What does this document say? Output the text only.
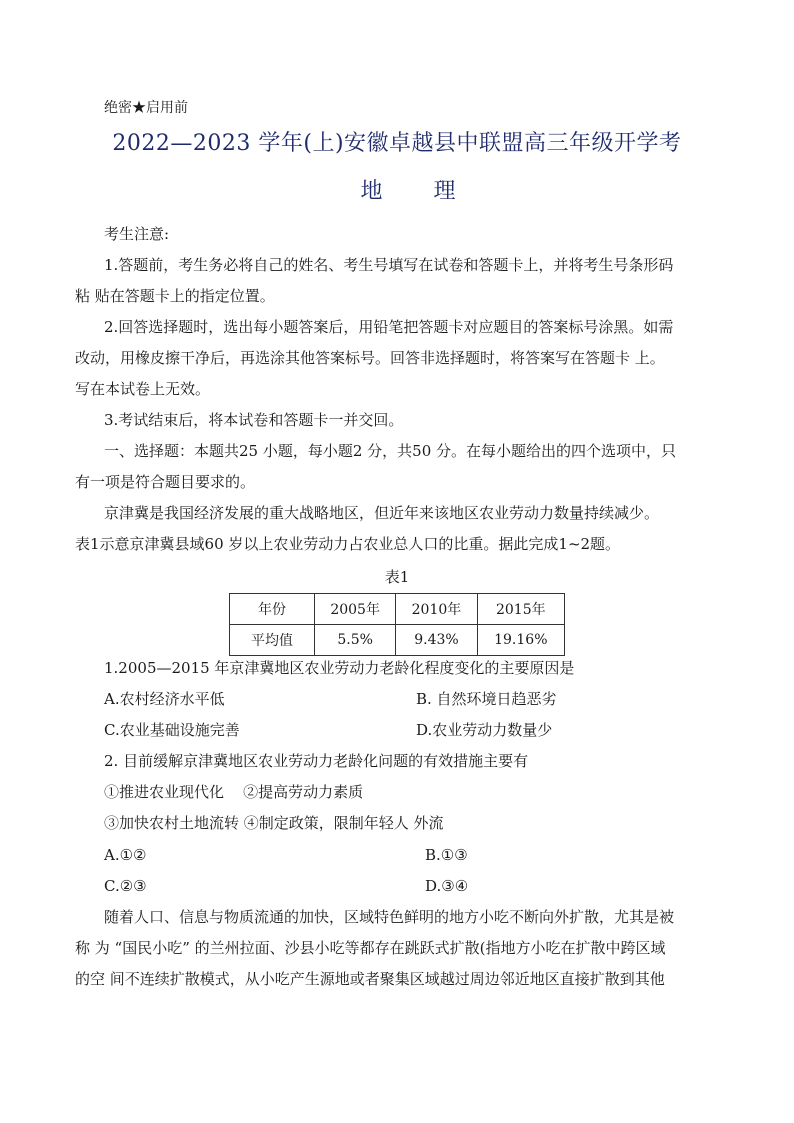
绝密★启用前
2022—2023 学年(上)安徽卓越县中联盟高三年级开学考
地 理
考生注意:
1.答题前，考生务必将自己的姓名、考生号填写在试卷和答题卡上，并将考生号条形码
粘 贴在答题卡上的指定位置。
2.回答选择题时，选出每小题答案后，用铅笔把答题卡对应题目的答案标号涂黑。如需
改动，用橡皮擦干净后，再选涂其他答案标号。回答非选择题时，将答案写在答题卡 上。
写在本试卷上无效。
3.考试结束后，将本试卷和答题卡一并交回。
一、选择题：本题共25 小题，每小题2 分，共50 分。在每小题给出的四个选项中，只
有一项是符合题目要求的。
京津冀是我国经济发展的重大战略地区，但近年来该地区农业劳动力数量持续减少。
表1示意京津冀县域60 岁以上农业劳动力占农业总人口的比重。据此完成1~2题。
表1
年份	2005年	2010年	2015年
平均值	5.5%	9.43%	19.16%
1.2005—2015 年京津冀地区农业劳动力老龄化程度变化的主要原因是
A.农村经济水平低	B. 自然环境日趋恶劣
C.农业基础设施完善	D.农业劳动力数量少
2. 目前缓解京津冀地区农业劳动力老龄化问题的有效措施主要有
①推进农业现代化    ②提高劳动力素质
③加快农村土地流转 ④制定政策，限制年轻人 外流
A.①②	B.①③
C.②③	D.③④
随着人口、信息与物质流通的加快，区域特色鲜明的地方小吃不断向外扩散，尤其是被
称 为 “国民小吃” 的兰州拉面、沙县小吃等都存在跳跃式扩散(指地方小吃在扩散中跨区域
的空 间不连续扩散模式，从小吃产生源地或者聚集区域越过周边邻近地区直接扩散到其他
